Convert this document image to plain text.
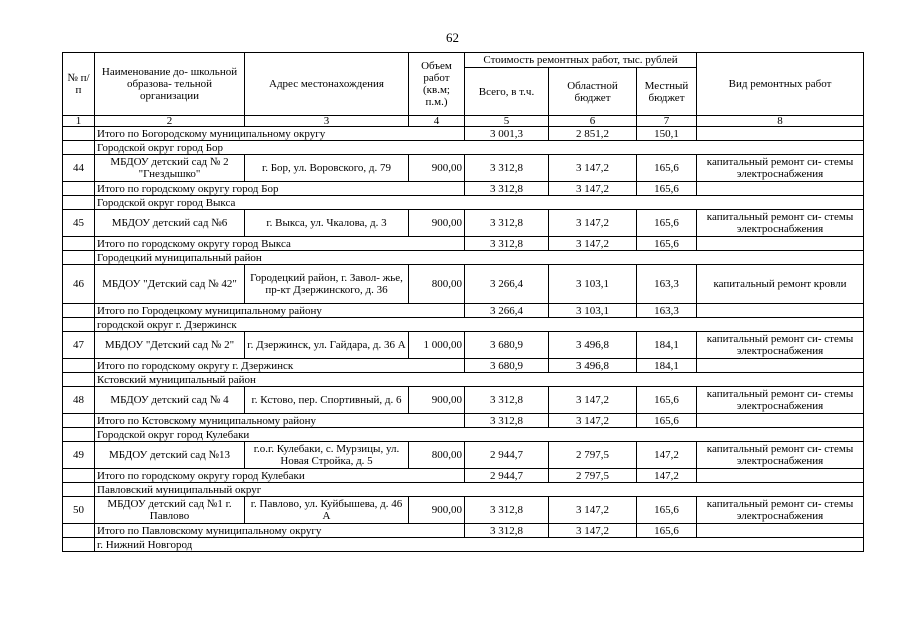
62
№ п/п	Наименование до- школьной образова- тельной организации	Адрес местонахождения	Объем работ (кв.м; п.м.)	Стоимость ремонтных работ, тыс. рублей			Вид ремонтных работ
				Всего, в т.ч.	Областной бюджет	Местный бюджет	
1	2	3	4	5	6	7	8
	Итого по Богородскому муниципальному округу			3 001,3	2 851,2	150,1	
	Городской округ город Бор						
44	МБДОУ детский сад № 2 "Гнездышко"	г. Бор, ул. Воровского, д. 79	900,00	3 312,8	3 147,2	165,6	капитальный ремонт си- стемы электроснабжения
	Итого по городскому округу город Бор			3 312,8	3 147,2	165,6	
	Городской округ город Выкса						
45	МБДОУ детский сад №6	г. Выкса, ул. Чкалова, д. 3	900,00	3 312,8	3 147,2	165,6	капитальный ремонт си- стемы электроснабжения
	Итого по городскому округу город Выкса			3 312,8	3 147,2	165,6	
	Городецкий муниципальный район						
46	МБДОУ "Детский сад № 42"	Городецкий район, г. Завол- жье, пр-кт Дзержинского, д. 36	800,00	3 266,4	3 103,1	163,3	капитальный ремонт кровли
	Итого по Городецкому муниципальному району			3 266,4	3 103,1	163,3	
	городской округ г. Дзержинск						
47	МБДОУ "Детский сад № 2"	г. Дзержинск, ул. Гайдара, д. 36 А	1 000,00	3 680,9	3 496,8	184,1	капитальный ремонт си- стемы электроснабжения
	Итого по городскому округу г. Дзержинск			3 680,9	3 496,8	184,1	
	Кстовский муниципальный район						
48	МБДОУ детский сад № 4	г. Кстово, пер. Спортивный, д. 6	900,00	3 312,8	3 147,2	165,6	капитальный ремонт си- стемы электроснабжения
	Итого по Кстовскому муниципальному району			3 312,8	3 147,2	165,6	
	Городской округ город Кулебаки						
49	МБДОУ детский сад №13	г.о.г. Кулебаки, с. Мурзицы, ул. Новая Стройка, д. 5	800,00	2 944,7	2 797,5	147,2	капитальный ремонт си- стемы электроснабжения
	Итого по городскому округу город Кулебаки			2 944,7	2 797,5	147,2	
	Павловский муниципальный округ						
50	МБДОУ детский сад №1 г. Павлово	г. Павлово, ул. Куйбышева, д. 46 А	900,00	3 312,8	3 147,2	165,6	капитальный ремонт си- стемы электроснабжения
	Итого по Павловскому муниципальному округу			3 312,8	3 147,2	165,6	
	г. Нижний Новгород						
